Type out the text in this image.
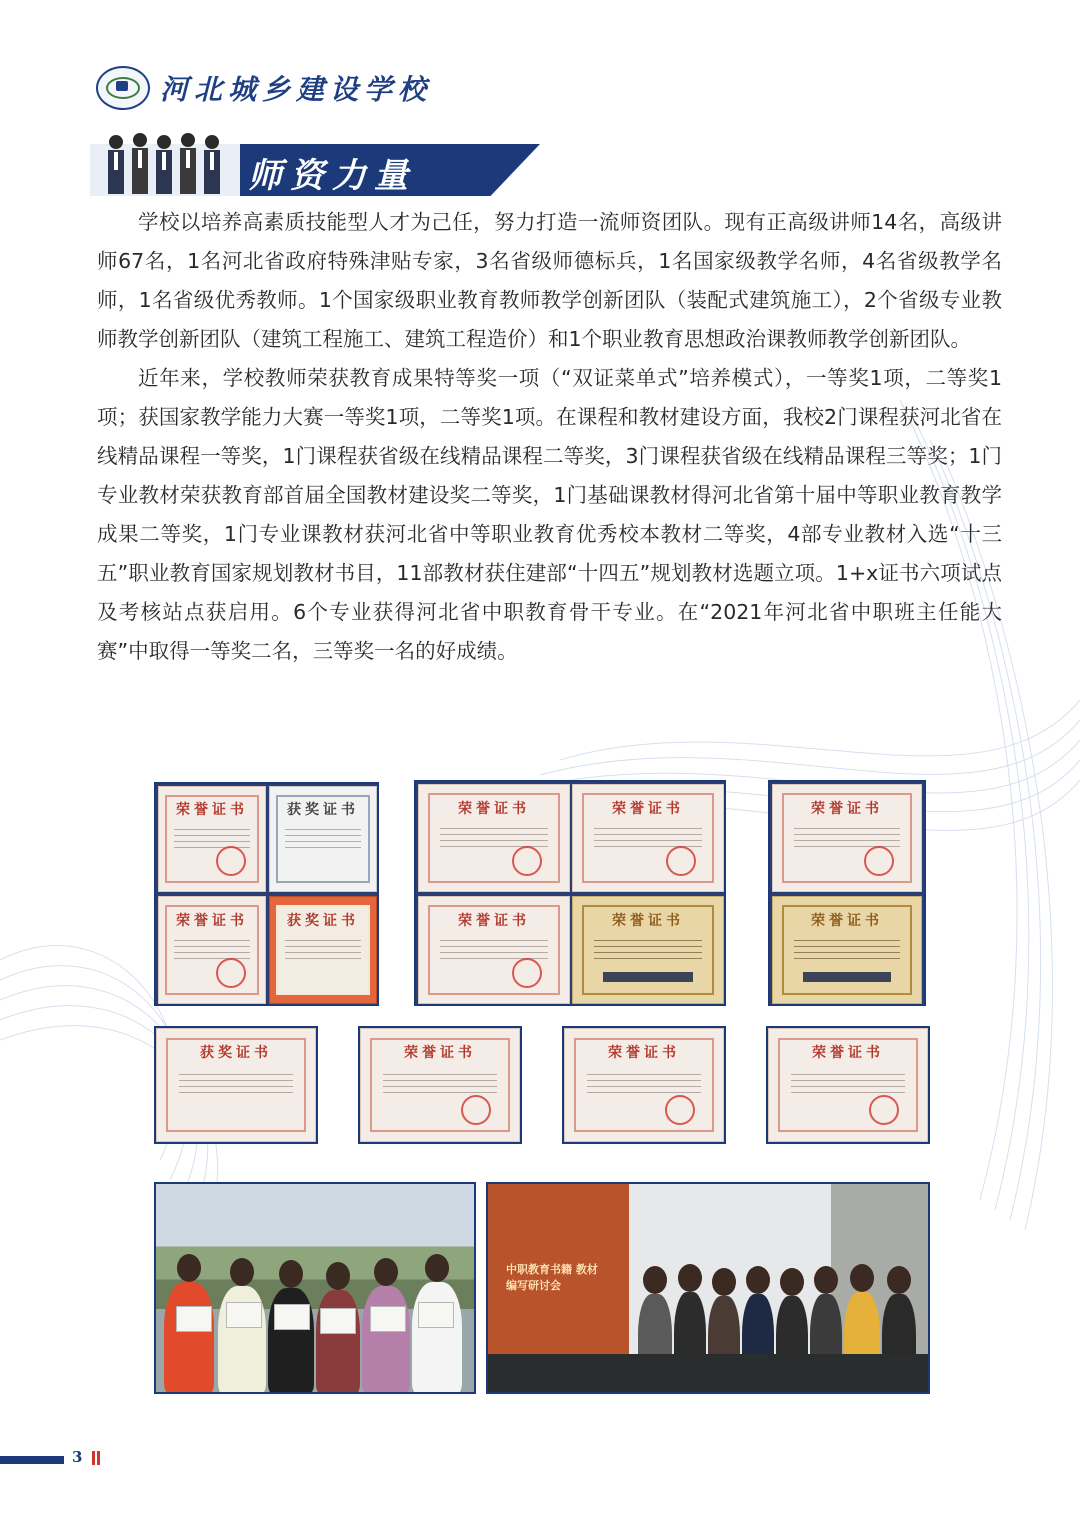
河北城乡建设学校
师资力量

学校以培养高素质技能型人才为己任，努力打造一流师资团队。现有正高级讲师14名，高级讲师67名，1名河北省政府特殊津贴专家，3名省级师德标兵，1名国家级教学名师，4名省级教学名师，1名省级优秀教师。1个国家级职业教育教师教学创新团队（装配式建筑施工），2个省级专业教师教学创新团队（建筑工程施工、建筑工程造价）和1个职业教育思想政治课教师教学创新团队。

近年来，学校教师荣获教育成果特等奖一项（“双证菜单式”培养模式），一等奖1项，二等奖1项；获国家教学能力大赛一等奖1项，二等奖1项。在课程和教材建设方面，我校2门课程获河北省在线精品课程一等奖，1门课程获省级在线精品课程二等奖，3门课程获省级在线精品课程三等奖；1门专业教材荣获教育部首届全国教材建设奖二等奖，1门基础课教材得河北省第十届中等职业教育教学成果二等奖，1门专业课教材获河北省中等职业教育优秀校本教材二等奖，4部专业教材入选“十三五”职业教育国家规划教材书目，11部教材获住建部“十四五”规划教材选题立项。1+x证书六项试点及考核站点获启用。6个专业获得河北省中职教育骨干专业。在“2021年河北省中职班主任能大赛”中取得一等奖二名，三等奖一名的好成绩。

荣誉证书	获奖证书
荣誉证书	获奖证书
荣誉证书	荣誉证书
荣誉证书	荣誉证书
荣誉证书
荣誉证书
获奖证书	荣誉证书	荣誉证书	荣誉证书
中职教育书籍 教材编写研讨会
3
